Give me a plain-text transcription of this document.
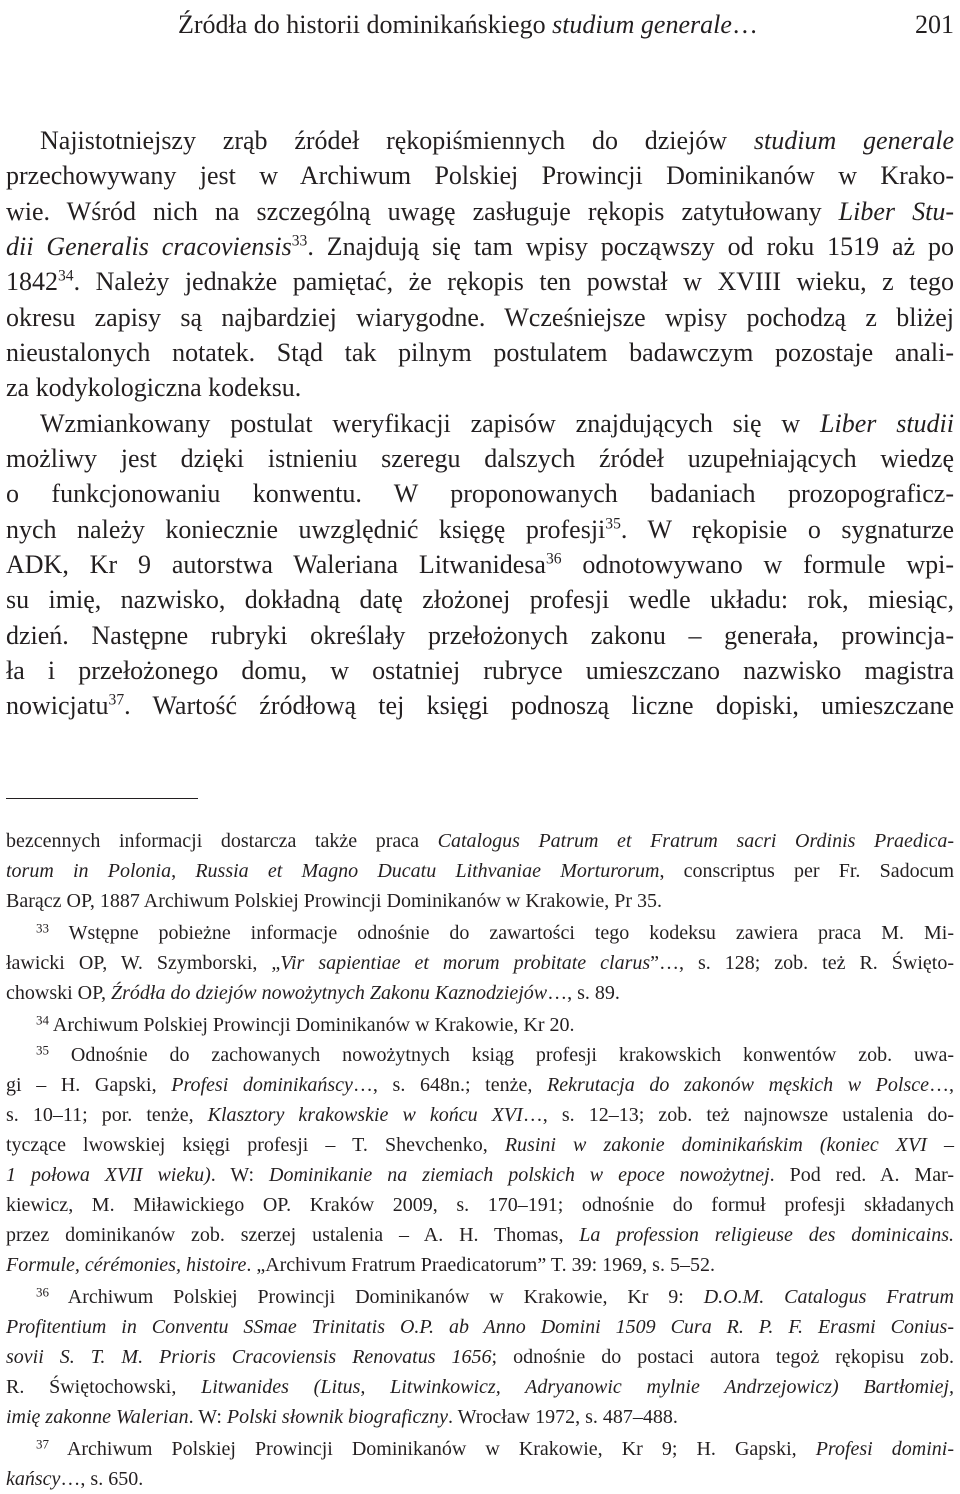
Źródła do historii dominikańskiego studium generale…	201
Najistotniejszy zrąb źródeł rękopiśmiennych do dziejów studium generale
przechowywany jest w Archiwum Polskiej Prowincji Dominikanów w Krako-
wie. Wśród nich na szczególną uwagę zasługuje rękopis zatytułowany Liber Stu-
dii Generalis cracoviensis$^{33}$. Znajdują się tam wpisy począwszy od roku 1519 aż po
1842$^{34}$. Należy jednakże pamiętać, że rękopis ten powstał w XVIII wieku, z tego
okresu zapisy są najbardziej wiarygodne. Wcześniejsze wpisy pochodzą z bliżej
nieustalonych notatek. Stąd tak pilnym postulatem badawczym pozostaje anali-
za kodykologiczna kodeksu.
Wzmiankowany postulat weryfikacji zapisów znajdujących się w Liber studii
możliwy jest dzięki istnieniu szeregu dalszych źródeł uzupełniających wiedzę
o funkcjonowaniu konwentu. W proponowanych badaniach prozopograficz-
nych należy koniecznie uwzględnić księgę profesji$^{35}$. W rękopisie o sygnaturze
ADK, Kr 9 autorstwa Waleriana Litwanidesa$^{36}$ odnotowywano w formule wpi-
su imię, nazwisko, dokładną datę złożonej profesji wedle układu: rok, miesiąc,
dzień. Następne rubryki określały przełożonych zakonu – generała, prowincja-
ła i przełożonego domu, w ostatniej rubryce umieszczano nazwisko magistra
nowicjatu$^{37}$. Wartość źródłową tej księgi podnoszą liczne dopiski, umieszczane
bezcennych informacji dostarcza także praca Catalogus Patrum et Fratrum sacri Ordinis Praedica-
torum in Polonia, Russia et Magno Ducatu Lithvaniae Morturorum, conscriptus per Fr. Sadocum
Barącz OP, 1887 Archiwum Polskiej Prowincji Dominikanów w Krakowie, Pr 35.
$^{33}$ Wstępne pobieżne informacje odnośnie do zawartości tego kodeksu zawiera praca M. Mi-
ławicki OP, W. Szymborski, „Vir sapientiae et morum probitate clarus”…, s. 128; zob. też R. Święto-
chowski OP, Źródła do dziejów nowożytnych Zakonu Kaznodziejów…, s. 89.
$^{34}$ Archiwum Polskiej Prowincji Dominikanów w Krakowie, Kr 20.
$^{35}$ Odnośnie do zachowanych nowożytnych ksiąg profesji krakowskich konwentów zob. uwa-
gi – H. Gapski, Profesi dominikańscy…, s. 648n.; tenże, Rekrutacja do zakonów męskich w Polsce…,
s. 10–11; por. tenże, Klasztory krakowskie w końcu XVI…, s. 12–13; zob. też najnowsze ustalenia do-
tyczące lwowskiej księgi profesji – T. Shevchenko, Rusini w zakonie dominikańskim (koniec XVI –
1 połowa XVII wieku). W: Dominikanie na ziemiach polskich w epoce nowożytnej. Pod red. A. Mar-
kiewicz, M. Miławickiego OP. Kraków 2009, s. 170–191; odnośnie do formuł profesji składanych
przez dominikanów zob. szerzej ustalenia – A. H. Thomas, La profession religieuse des dominicains.
Formule, cérémonies, histoire. „Archivum Fratrum Praedicatorum” T. 39: 1969, s. 5–52.
$^{36}$ Archiwum Polskiej Prowincji Dominikanów w Krakowie, Kr 9: D.O.M. Catalogus Fratrum
Profitentium in Conventu SSmae Trinitatis O.P. ab Anno Domini 1509 Cura R. P. F. Erasmi Conius-
sovii S. T. M. Prioris Cracoviensis Renovatus 1656; odnośnie do postaci autora tegoż rękopisu zob.
R. Świętochowski, Litwanides (Litus, Litwinkowicz, Adryanowic mylnie Andrzejowicz) Bartłomiej,
imię zakonne Walerian. W: Polski słownik biograficzny. Wrocław 1972, s. 487–488.
$^{37}$ Archiwum Polskiej Prowincji Dominikanów w Krakowie, Kr 9; H. Gapski, Profesi domini-
kańscy…, s. 650.
